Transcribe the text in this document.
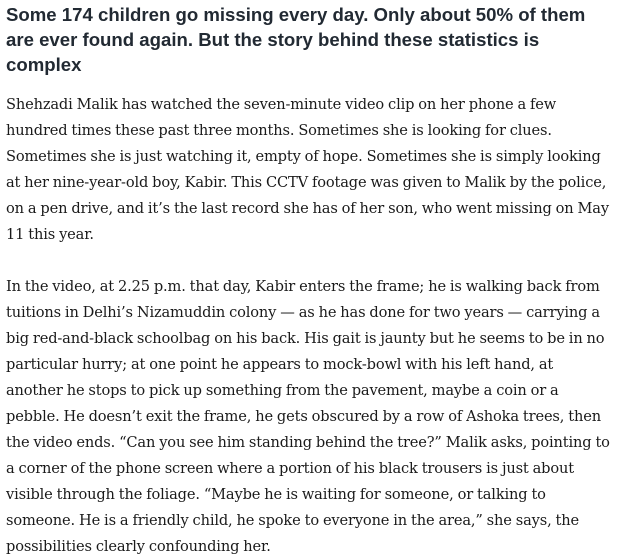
Some 174 children go missing every day. Only about 50% of them are ever found again. But the story behind these statistics is complex

Shehzadi Malik has watched the seven-minute video clip on her phone a few hundred times these past three months. Sometimes she is looking for clues. Sometimes she is just watching it, empty of hope. Sometimes she is simply looking at her nine-year-old boy, Kabir. This CCTV footage was given to Malik by the police, on a pen drive, and it’s the last record she has of her son, who went missing on May 11 this year.

In the video, at 2.25 p.m. that day, Kabir enters the frame; he is walking back from tuitions in Delhi’s Nizamuddin colony — as he has done for two years — carrying a big red-and-black schoolbag on his back. His gait is jaunty but he seems to be in no particular hurry; at one point he appears to mock-bowl with his left hand, at another he stops to pick up something from the pavement, maybe a coin or a pebble. He doesn’t exit the frame, he gets obscured by a row of Ashoka trees, then the video ends. “Can you see him standing behind the tree?” Malik asks, pointing to a corner of the phone screen where a portion of his black trousers is just about visible through the foliage. “Maybe he is waiting for someone, or talking to someone. He is a friendly child, he spoke to everyone in the area,” she says, the possibilities clearly confounding her.
